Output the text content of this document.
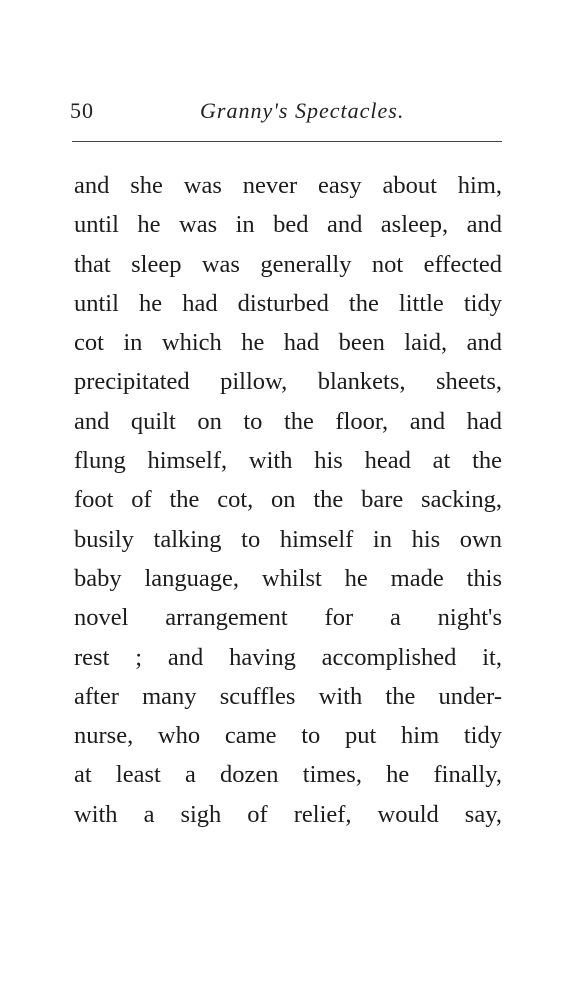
50	Granny's Spectacles.
and she was never easy about him,
until he was in bed and asleep, and
that sleep was generally not effected
until he had disturbed the little tidy
cot in which he had been laid, and
precipitated pillow, blankets, sheets,
and quilt on to the floor, and had
flung himself, with his head at the
foot of the cot, on the bare sacking,
busily talking to himself in his own
baby language, whilst he made this
novel arrangement for a night's
rest ; and having accomplished it,
after many scuffles with the under-
nurse, who came to put him tidy
at least a dozen times, he finally,
with a sigh of relief, would say,
